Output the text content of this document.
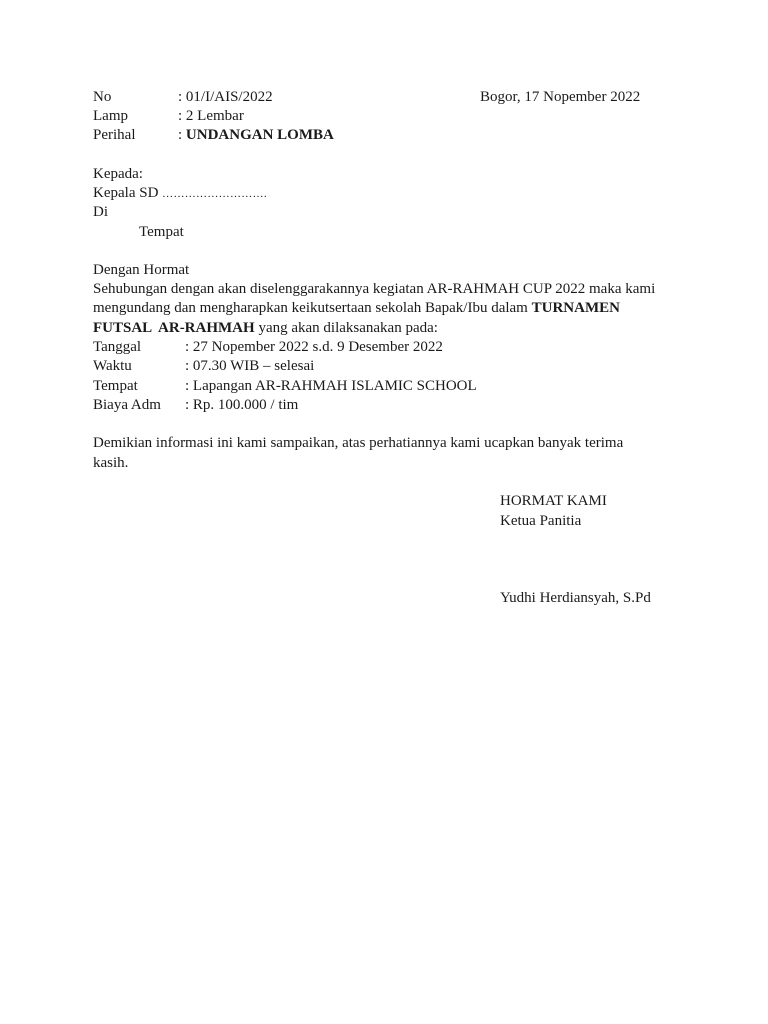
No	: 01/I/AIS/2022	Bogor, 17 Nopember 2022
Lamp	: 2 Lembar
Perihal	: UNDANGAN LOMBA
Kepada:
Kepala SD ……………………….
Di
Tempat
Dengan Hormat
Sehubungan dengan akan diselenggarakannya kegiatan AR-RAHMAH CUP 2022 maka kami
mengundang dan mengharapkan keikutsertaan sekolah Bapak/Ibu dalam TURNAMEN
FUTSAL  AR-RAHMAH yang akan dilaksanakan pada:
Tanggal	: 27 Nopember 2022 s.d. 9 Desember 2022
Waktu	: 07.30 WIB – selesai
Tempat	: Lapangan AR-RAHMAH ISLAMIC SCHOOL
Biaya Adm : Rp. 100.000 / tim
Demikian informasi ini kami sampaikan, atas perhatiannya kami ucapkan banyak terima
kasih.
HORMAT KAMI
Ketua Panitia
Yudhi Herdiansyah, S.Pd
